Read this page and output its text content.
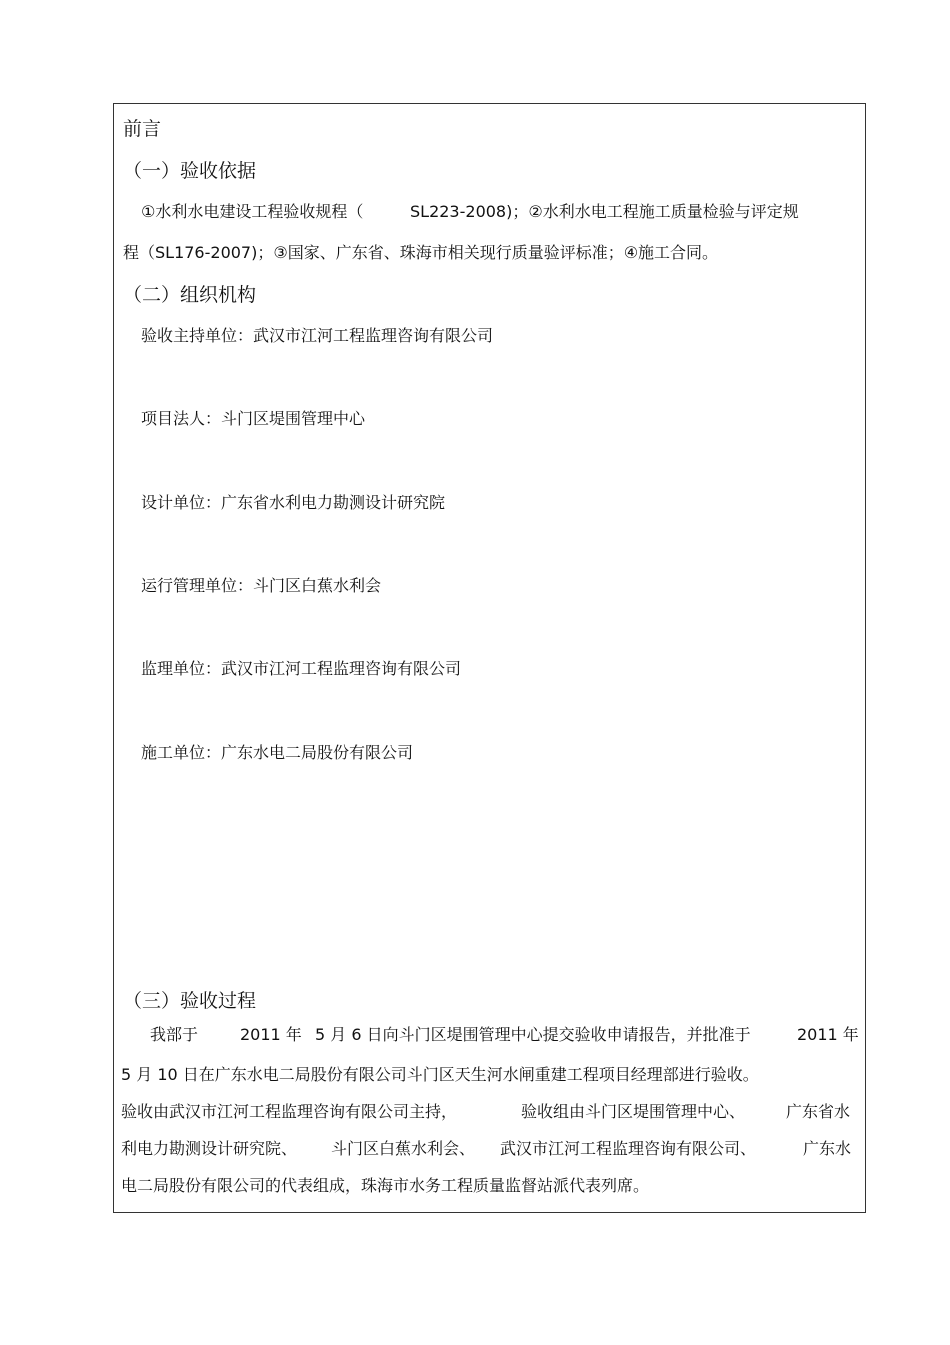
前言
（一）验收依据
①水利水电建设工程验收规程（	SL223-2008)；②水利水电工程施工质量检验与评定规
程（SL176-2007)；③国家、广东省、珠海市相关现行质量验评标准；④施工合同。
（二）组织机构
验收主持单位：武汉市江河工程监理咨询有限公司
项目法人：斗门区堤围管理中心
设计单位：广东省水利电力勘测设计研究院
运行管理单位：斗门区白蕉水利会
监理单位：武汉市江河工程监理咨询有限公司
施工单位：广东水电二局股份有限公司
（三）验收过程
我部于	2011 年 5 月 6 日向斗门区堤围管理中心提交验收申请报告，并批准于	2011 年
5 月 10 日在广东水电二局股份有限公司斗门区天生河水闸重建工程项目经理部进行验收。
验收由武汉市江河工程监理咨询有限公司主持，	验收组由斗门区堤围管理中心、	广东省水
利电力勘测设计研究院、 斗门区白蕉水利会、 武汉市江河工程监理咨询有限公司、	广东水
电二局股份有限公司的代表组成，珠海市水务工程质量监督站派代表列席。
